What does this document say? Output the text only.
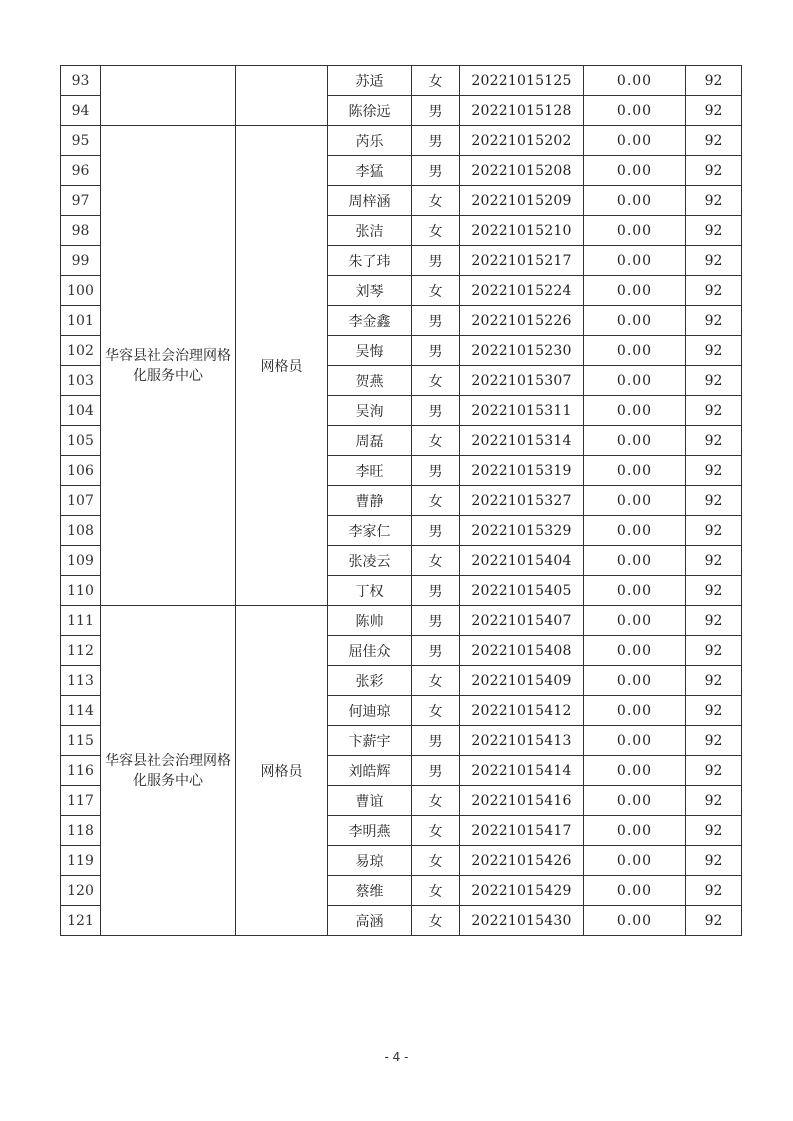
93			苏适	女	20221015125	0.00	92
94			陈徐远	男	20221015128	0.00	92
95	华容县社会治理网格化服务中心	网格员	芮乐	男	20221015202	0.00	92
96			李猛	男	20221015208	0.00	92
97			周梓涵	女	20221015209	0.00	92
98			张洁	女	20221015210	0.00	92
99			朱了玮	男	20221015217	0.00	92
100			刘琴	女	20221015224	0.00	92
101			李金鑫	男	20221015226	0.00	92
102			吴悔	男	20221015230	0.00	92
103			贺燕	女	20221015307	0.00	92
104			吴洵	男	20221015311	0.00	92
105			周磊	女	20221015314	0.00	92
106			李旺	男	20221015319	0.00	92
107			曹静	女	20221015327	0.00	92
108			李家仁	男	20221015329	0.00	92
109			张凌云	女	20221015404	0.00	92
110			丁权	男	20221015405	0.00	92
111	华容县社会治理网格化服务中心	网格员	陈帅	男	20221015407	0.00	92
112			屈佳众	男	20221015408	0.00	92
113			张彩	女	20221015409	0.00	92
114			何迪琼	女	20221015412	0.00	92
115			卞薪宇	男	20221015413	0.00	92
116			刘皓辉	男	20221015414	0.00	92
117			曹谊	女	20221015416	0.00	92
118			李明燕	女	20221015417	0.00	92
119			易琼	女	20221015426	0.00	92
120			蔡维	女	20221015429	0.00	92
121			高涵	女	20221015430	0.00	92
- 4 -
